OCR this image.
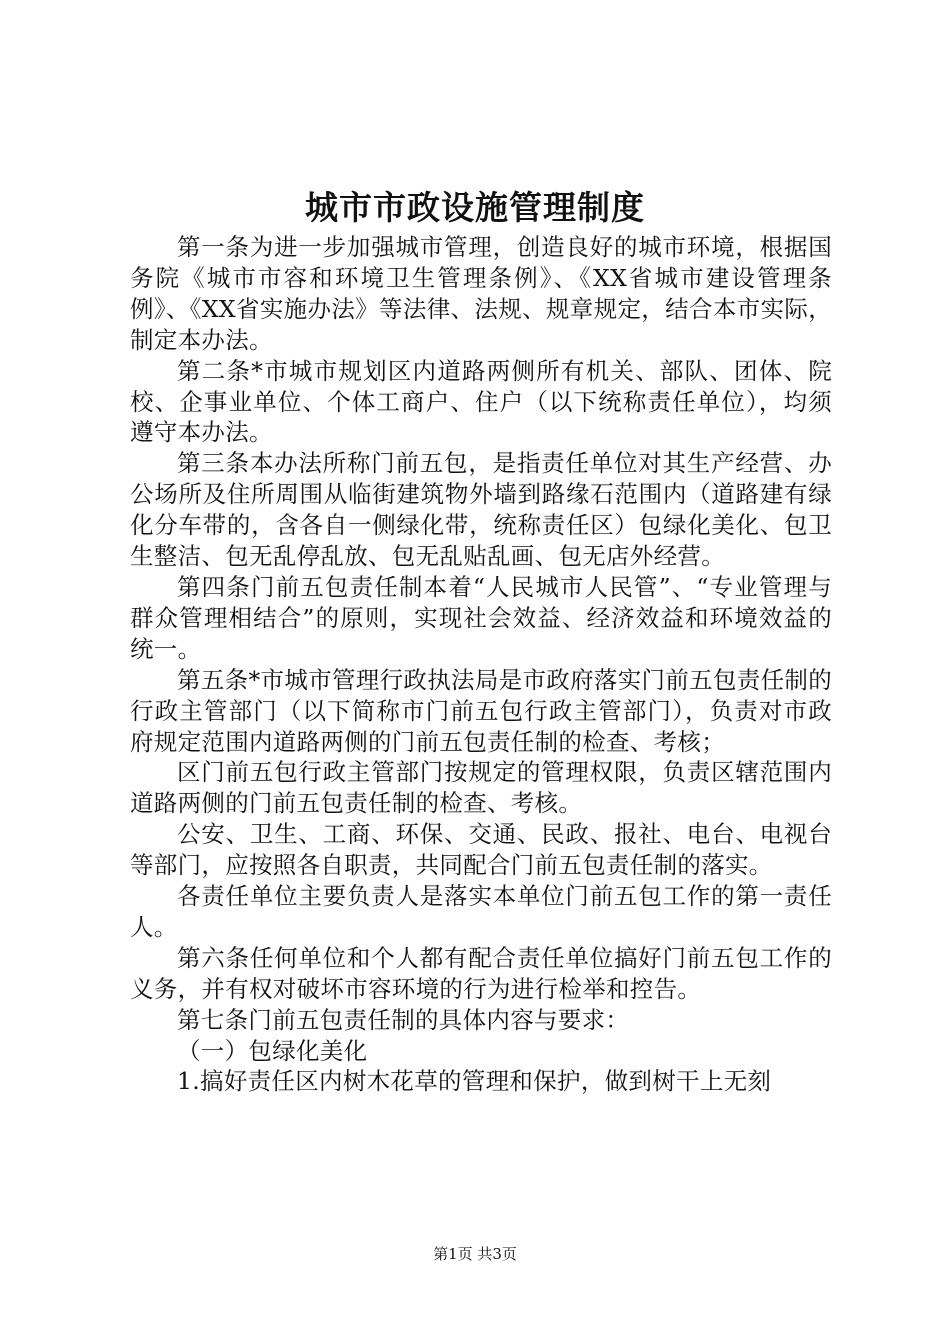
城市市政设施管理制度

第一条为进一步加强城市管理，创造良好的城市环境，根据国务院《城市市容和环境卫生管理条例》、《XX省城市建设管理条例》、《XX省实施办法》等法律、法规、规章规定，结合本市实际，制定本办法。

第二条*市城市规划区内道路两侧所有机关、部队、团体、院校、企事业单位、个体工商户、住户（以下统称责任单位），均须遵守本办法。

第三条本办法所称门前五包，是指责任单位对其生产经营、办公场所及住所周围从临街建筑物外墙到路缘石范围内（道路建有绿化分车带的，含各自一侧绿化带，统称责任区）包绿化美化、包卫生整洁、包无乱停乱放、包无乱贴乱画、包无店外经营。

第四条门前五包责任制本着“人民城市人民管”、“专业管理与群众管理相结合”的原则，实现社会效益、经济效益和环境效益的统一。

第五条*市城市管理行政执法局是市政府落实门前五包责任制的行政主管部门（以下简称市门前五包行政主管部门），负责对市政府规定范围内道路两侧的门前五包责任制的检查、考核；

区门前五包行政主管部门按规定的管理权限，负责区辖范围内道路两侧的门前五包责任制的检查、考核。

公安、卫生、工商、环保、交通、民政、报社、电台、电视台等部门，应按照各自职责，共同配合门前五包责任制的落实。

各责任单位主要负责人是落实本单位门前五包工作的第一责任人。

第六条任何单位和个人都有配合责任单位搞好门前五包工作的义务，并有权对破坏市容环境的行为进行检举和控告。

第七条门前五包责任制的具体内容与要求：

（一）包绿化美化

1.搞好责任区内树木花草的管理和保护，做到树干上无刻

第1页 共3页
